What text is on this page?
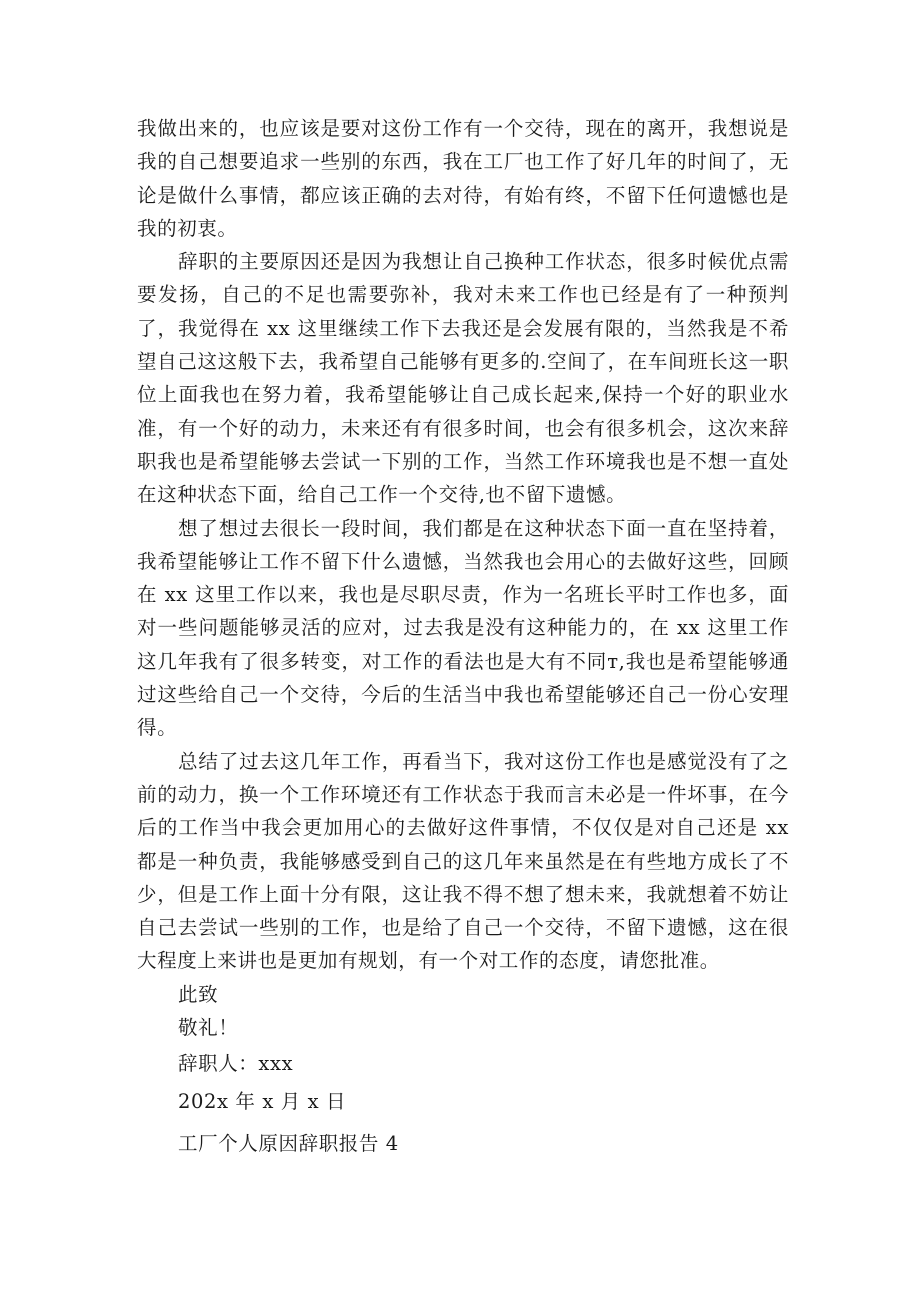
我做出来的，也应该是要对这份工作有一个交待，现在的离开，我想说是我的自己想要追求一些别的东西，我在工厂也工作了好几年的时间了，无论是做什么事情，都应该正确的去对待，有始有终，不留下任何遗憾也是我的初衷。

辞职的主要原因还是因为我想让自己换种工作状态，很多时候优点需要发扬，自己的不足也需要弥补，我对未来工作也已经是有了一种预判了，我觉得在 xx 这里继续工作下去我还是会发展有限的，当然我是不希望自己这这般下去，我希望自己能够有更多的.空间了，在车间班长这一职位上面我也在努力着，我希望能够让自己成长起来,保持一个好的职业水准，有一个好的动力，未来还有有很多时间，也会有很多机会，这次来辞职我也是希望能够去尝试一下别的工作，当然工作环境我也是不想一直处在这种状态下面，给自己工作一个交待,也不留下遗憾。

想了想过去很长一段时间，我们都是在这种状态下面一直在坚持着，我希望能够让工作不留下什么遗憾，当然我也会用心的去做好这些，回顾在 xx 这里工作以来，我也是尽职尽责，作为一名班长平时工作也多，面对一些问题能够灵活的应对，过去我是没有这种能力的，在 xx 这里工作这几年我有了很多转变，对工作的看法也是大有不同т,我也是希望能够通过这些给自己一个交待，今后的生活当中我也希望能够还自己一份心安理得。

总结了过去这几年工作，再看当下，我对这份工作也是感觉没有了之前的动力，换一个工作环境还有工作状态于我而言未必是一件坏事，在今后的工作当中我会更加用心的去做好这件事情，不仅仅是对自己还是 xx 都是一种负责，我能够感受到自己的这几年来虽然是在有些地方成长了不少，但是工作上面十分有限，这让我不得不想了想未来，我就想着不妨让自己去尝试一些别的工作，也是给了自己一个交待，不留下遗憾，这在很大程度上来讲也是更加有规划，有一个对工作的态度，请您批准。

此致

敬礼！

辞职人：xxx

202x 年 x 月 x 日

工厂个人原因辞职报告 4
